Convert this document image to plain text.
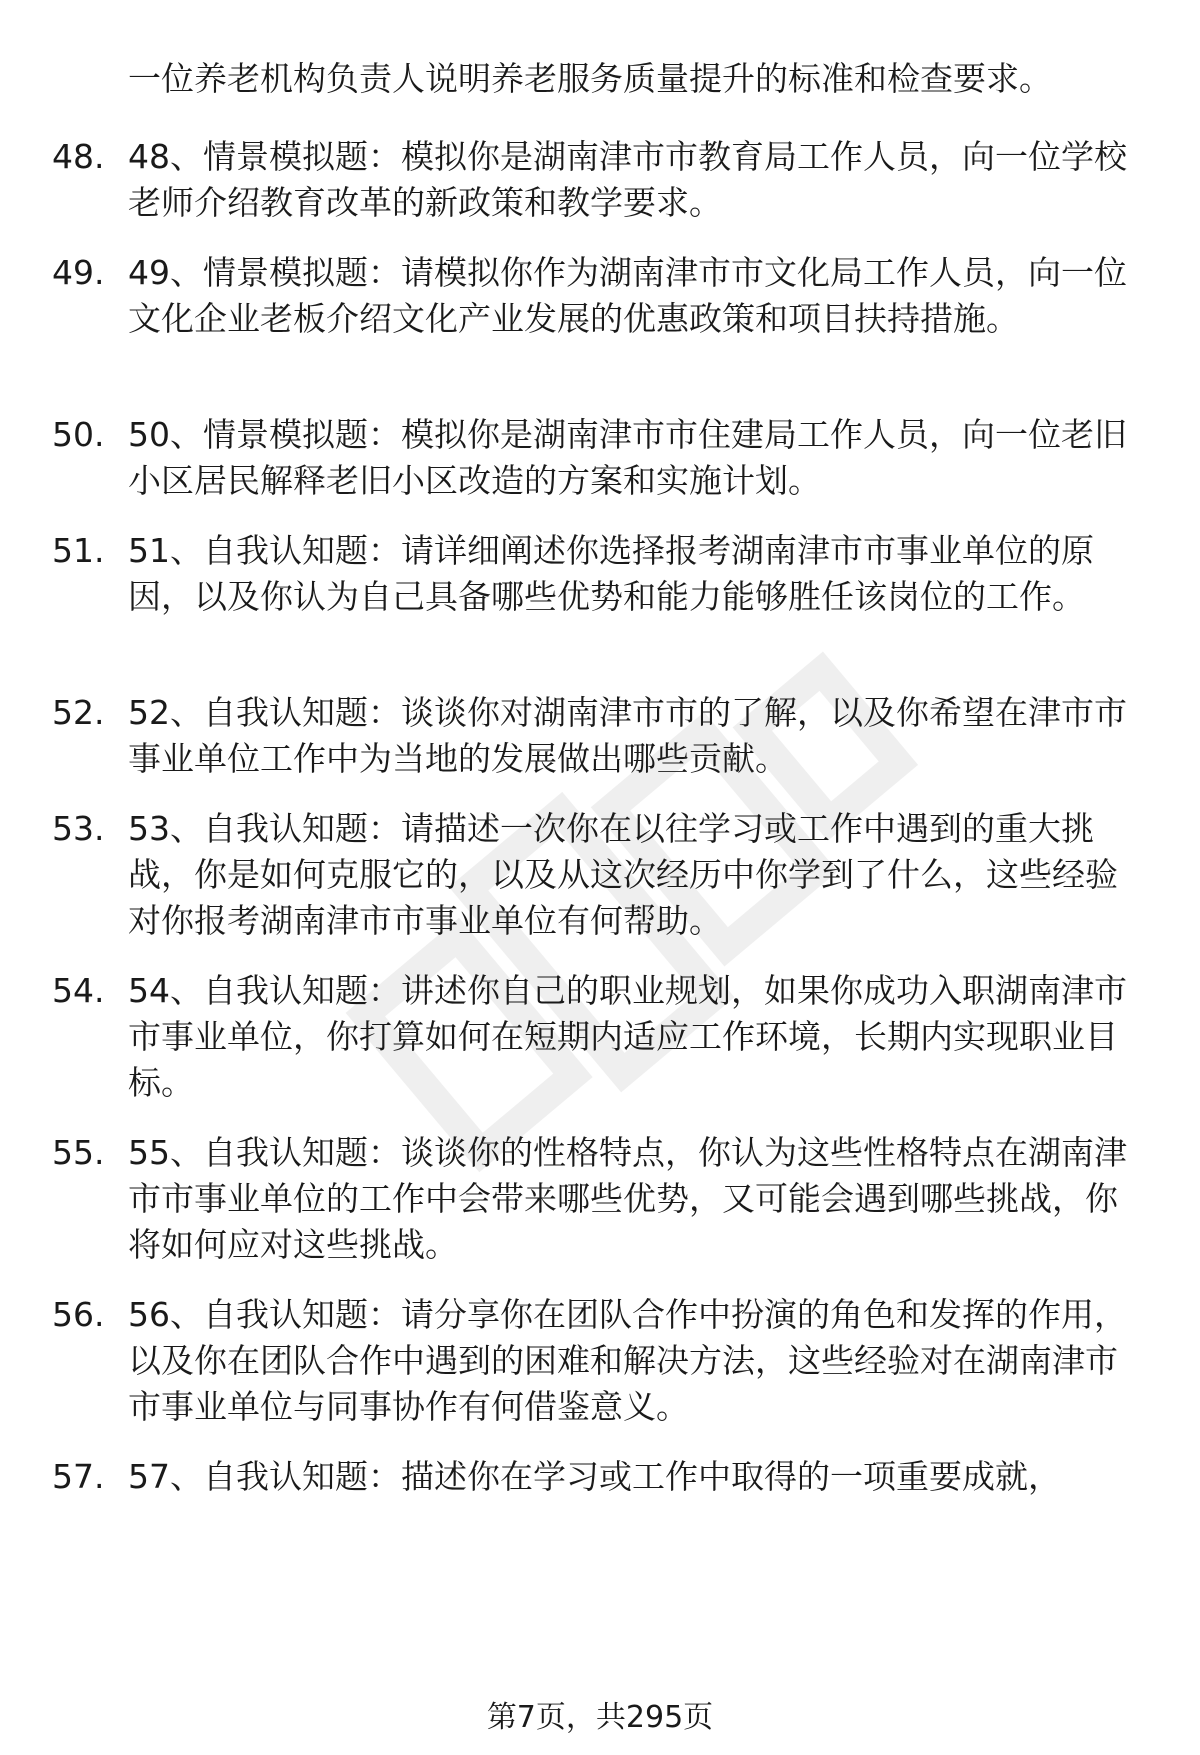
一位养老机构负责人说明养老服务质量提升的标准和检查要求。

48. 48、情景模拟题：模拟你是湖南津市市教育局工作人员，向一位学校老师介绍教育改革的新政策和教学要求。

49. 49、情景模拟题：请模拟你作为湖南津市市文化局工作人员，向一位文化企业老板介绍文化产业发展的优惠政策和项目扶持措施。

50. 50、情景模拟题：模拟你是湖南津市市住建局工作人员，向一位老旧小区居民解释老旧小区改造的方案和实施计划。

51. 51、自我认知题：请详细阐述你选择报考湖南津市市事业单位的原因，以及你认为自己具备哪些优势和能力能够胜任该岗位的工作。

52. 52、自我认知题：谈谈你对湖南津市市的了解，以及你希望在津市市事业单位工作中为当地的发展做出哪些贡献。

53. 53、自我认知题：请描述一次你在以往学习或工作中遇到的重大挑战，你是如何克服它的，以及从这次经历中你学到了什么，这些经验对你报考湖南津市市事业单位有何帮助。

54. 54、自我认知题：讲述你自己的职业规划，如果你成功入职湖南津市市事业单位，你打算如何在短期内适应工作环境，长期内实现职业目标。

55. 55、自我认知题：谈谈你的性格特点，你认为这些性格特点在湖南津市市事业单位的工作中会带来哪些优势，又可能会遇到哪些挑战，你将如何应对这些挑战。

56. 56、自我认知题：请分享你在团队合作中扮演的角色和发挥的作用，以及你在团队合作中遇到的困难和解决方法，这些经验对在湖南津市市事业单位与同事协作有何借鉴意义。

57. 57、自我认知题：描述你在学习或工作中取得的一项重要成就，

第7页，共295页
